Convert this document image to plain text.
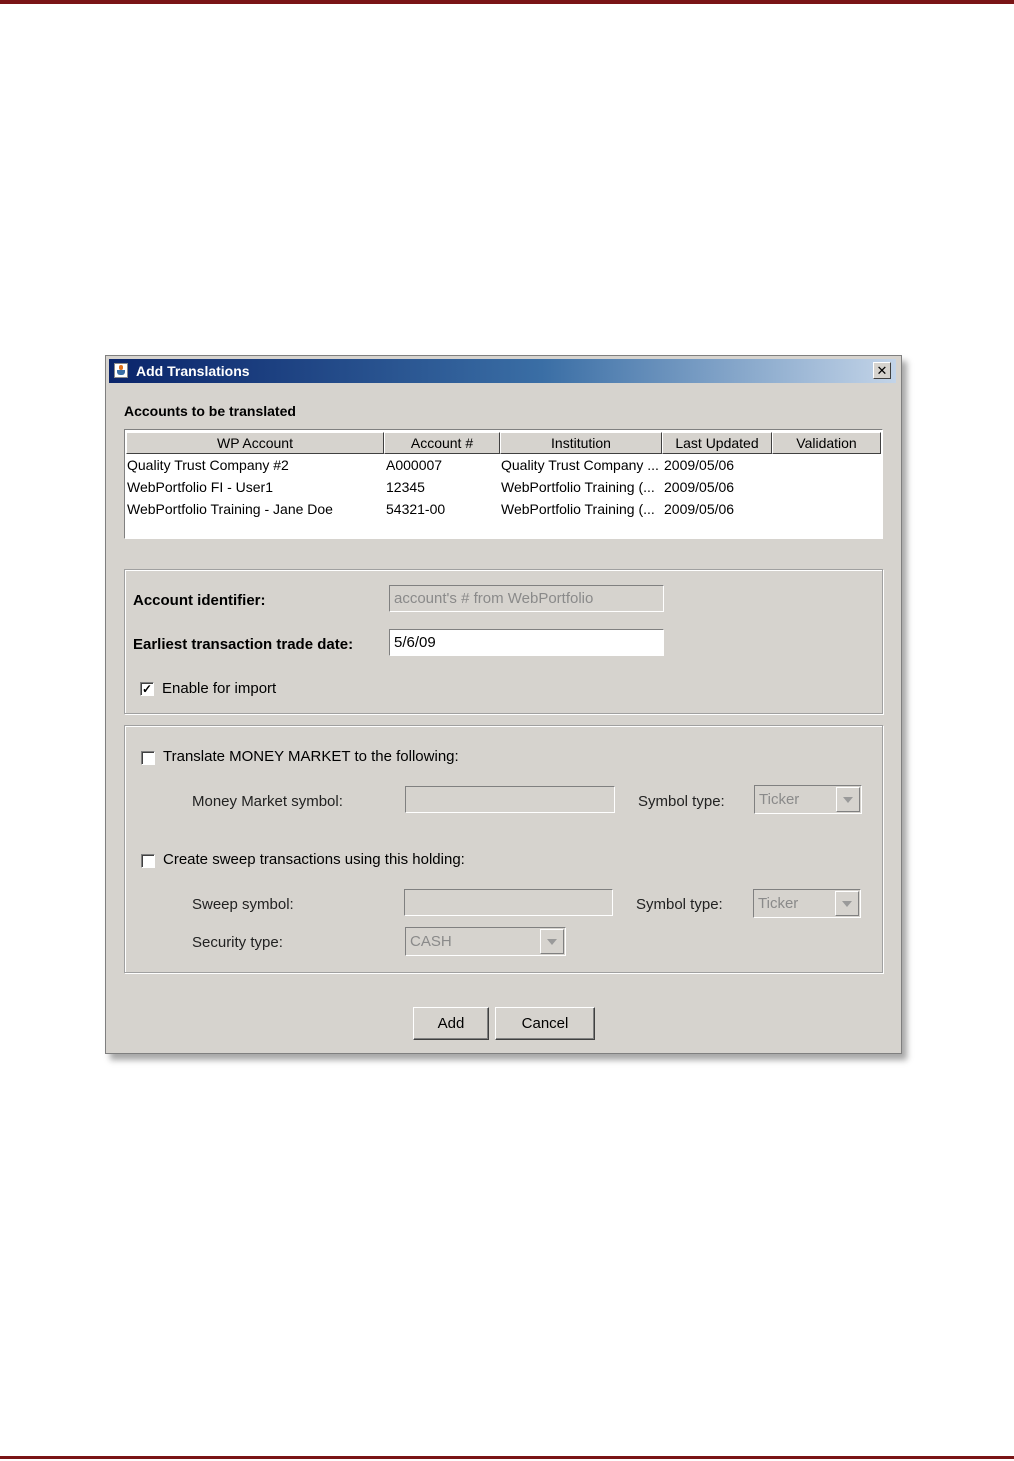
Add Translations	✕
Accounts to be translated
WP Account	Account #	Institution	Last Updated	Validation
Quality Trust Company #2	A000007	Quality Trust Company ... 2009/05/06
WebPortfolio FI - User1	12345	WebPortfolio Training (... 2009/05/06
WebPortfolio Training - Jane Doe	54321-00	WebPortfolio Training (... 2009/05/06
Account identifier:	account's # from WebPortfolio
Earliest transaction trade date:	5/6/09
✓ Enable for import
Translate MONEY MARKET to the following:
Money Market symbol:	Symbol type:	Ticker
Create sweep transactions using this holding:
Sweep symbol:	Symbol type:	Ticker
Security type:	CASH
Add	Cancel
